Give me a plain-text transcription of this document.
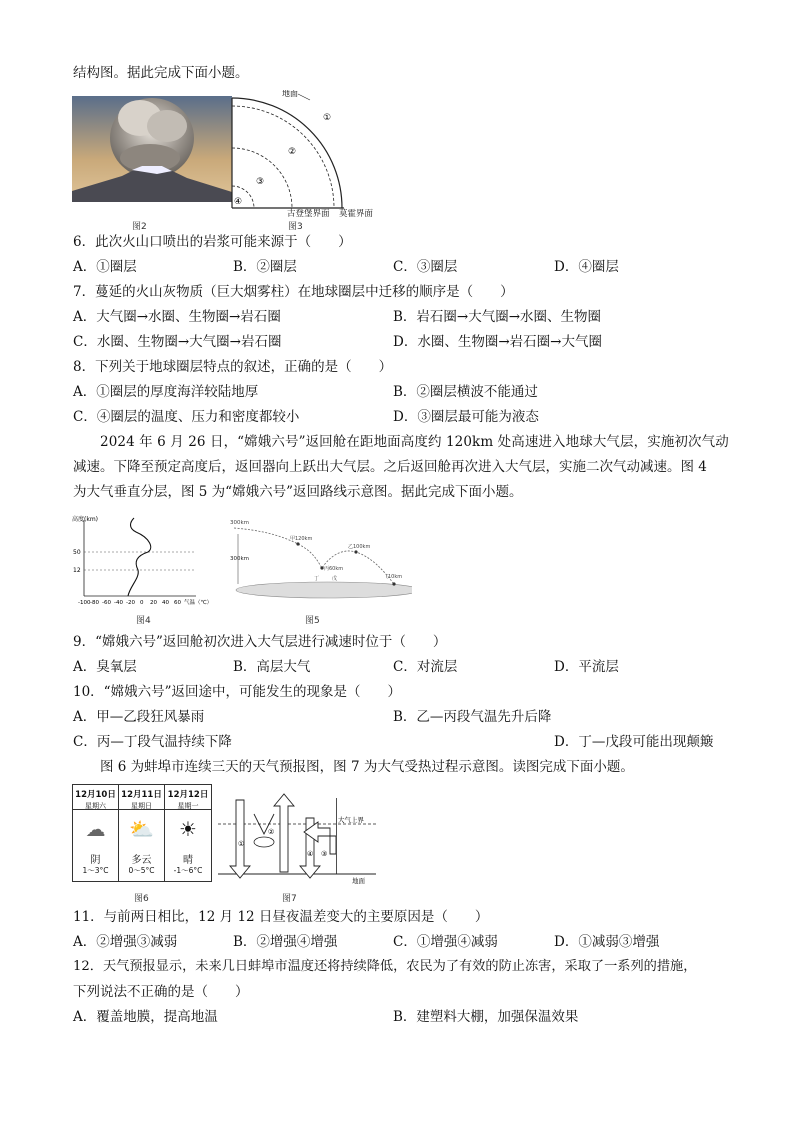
结构图。据此完成下面小题。
图2
地面
①
②
③
④
古登堡界面 莫霍界面
图3
6．此次火山口喷出的岩浆可能来源于（　　）
A．①圈层	B．②圈层	C．③圈层	D．④圈层
7．蔓延的火山灰物质（巨大烟雾柱）在地球圈层中迁移的顺序是（　　）
A．大气圈→水圈、生物圈→岩石圈	B．岩石圈→大气圈→水圈、生物圈
C．水圈、生物圈→大气圈→岩石圈	D．水圈、生物圈→岩石圈→大气圈
8．下列关于地球圈层特点的叙述，正确的是（　　）
A．①圈层的厚度海洋较陆地厚	B．②圈层横波不能通过
C．④圈层的温度、压力和密度都较小	D．③圈层最可能为液态
2024 年 6 月 26 日，“嫦娥六号”返回舱在距地面高度约 120km 处高速进入地球大气层，实施初次气动
减速。下降至预定高度后，返回器向上跃出大气层。之后返回舱再次进入大气层，实施二次气动减速。图 4
为大气垂直分层，图 5 为“嫦娥六号”返回路线示意图。据此完成下面小题。
高度(km)
50
12
-100 -80 -60 -40 -20 0 20 40 60 气温（℃）
图4
300km
300km
甲120km
乙100km
丙60km
丁	戊	(10km
图5
9．“嫦娥六号”返回舱初次进入大气层进行减速时位于（　　）
A．臭氧层	B．高层大气	C．对流层	D．平流层
10．“嫦娥六号”返回途中，可能发生的现象是（　　）
A．甲—乙段狂风暴雨	B．乙—丙段气温先升后降
C．丙—丁段气温持续下降	D．丁—戊段可能出现颠簸
图 6 为蚌埠市连续三天的天气预报图，图 7 为大气受热过程示意图。读图完成下面小题。
12月10日
星期六
☁
阴
1～3°C
12月11日
星期日
⛅
多云
0～5°C
12月12日
星期一
☀
晴
-1～6°C
图6
①
②
③
④
大气上界
地面
图7
11．与前两日相比，12 月 12 日昼夜温差变大的主要原因是（　　）
A．②增强③减弱	B．②增强④增强	C．①增强④减弱	D．①减弱③增强
12．天气预报显示，未来几日蚌埠市温度还将持续降低，农民为了有效的防止冻害，采取了一系列的措施，
下列说法不正确的是（　　）
A．覆盖地膜，提高地温	B．建塑料大棚，加强保温效果
